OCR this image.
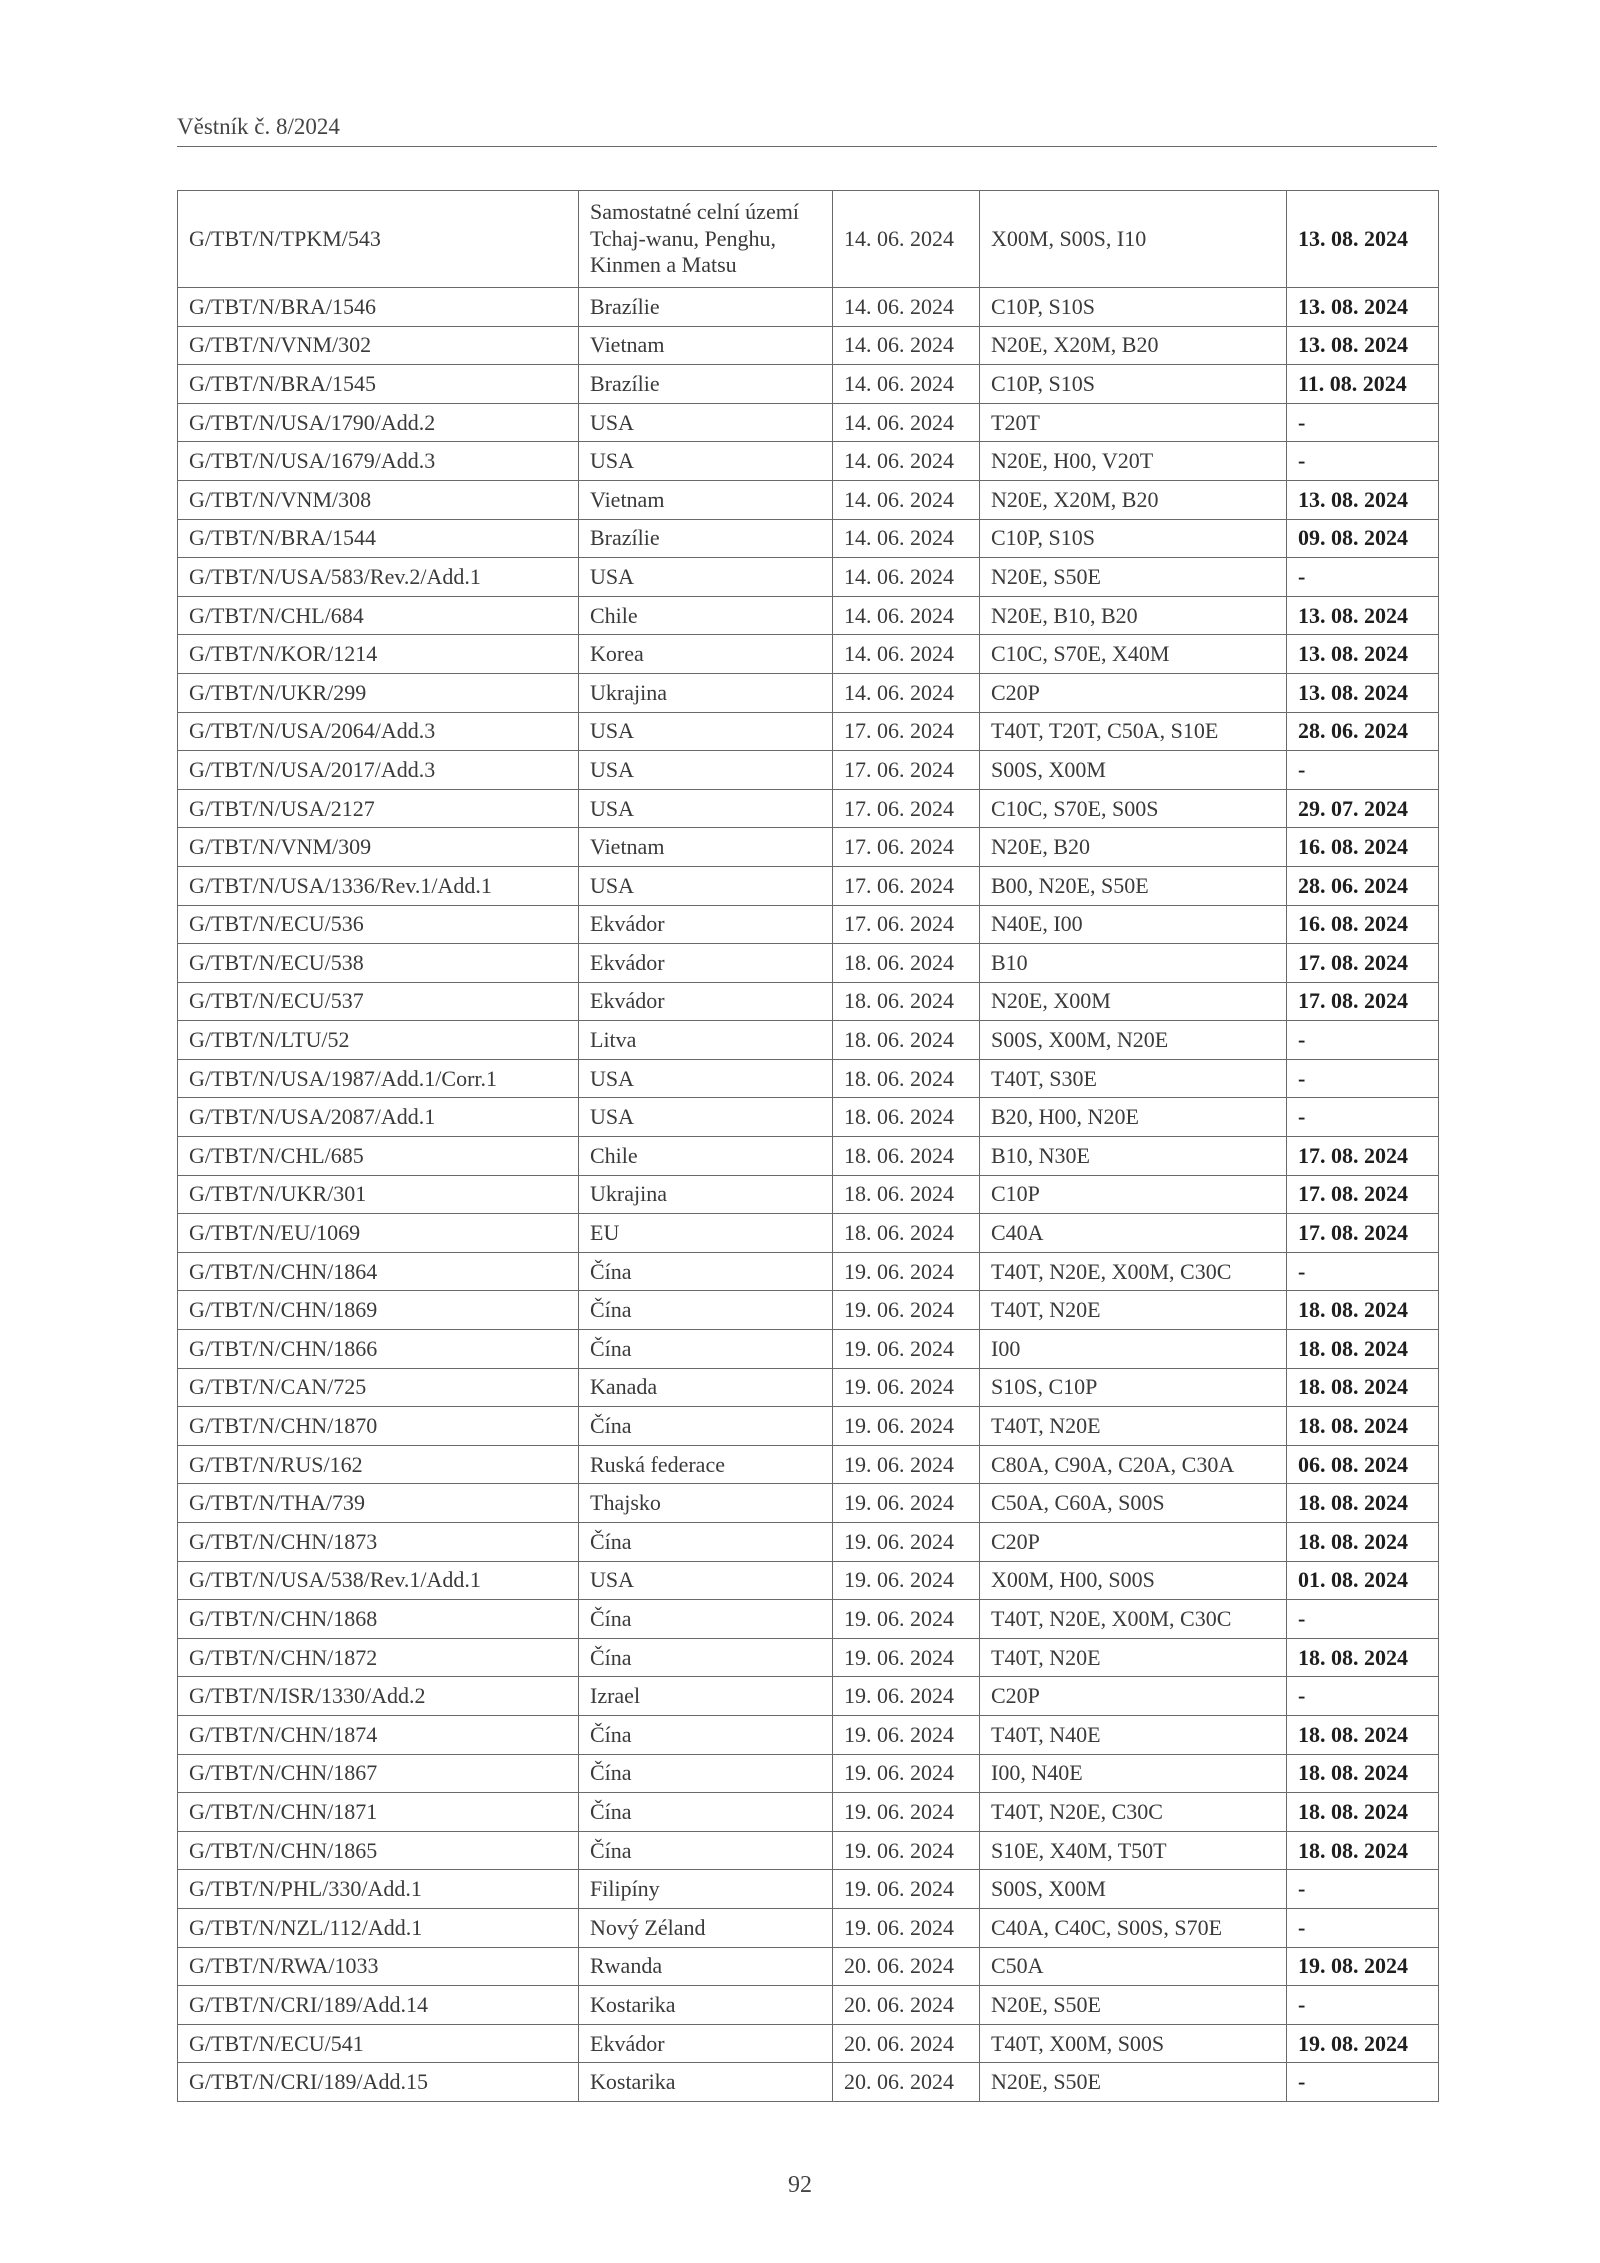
Věstník č. 8/2024
G/TBT/N/TPKM/543	Samostatné celní území Tchaj-wanu, Penghu, Kinmen a Matsu	14. 06. 2024	X00M, S00S, I10	13. 08. 2024
G/TBT/N/BRA/1546	Brazílie	14. 06. 2024	C10P, S10S	13. 08. 2024
G/TBT/N/VNM/302	Vietnam	14. 06. 2024	N20E, X20M, B20	13. 08. 2024
G/TBT/N/BRA/1545	Brazílie	14. 06. 2024	C10P, S10S	11. 08. 2024
G/TBT/N/USA/1790/Add.2	USA	14. 06. 2024	T20T	-
G/TBT/N/USA/1679/Add.3	USA	14. 06. 2024	N20E, H00, V20T	-
G/TBT/N/VNM/308	Vietnam	14. 06. 2024	N20E, X20M, B20	13. 08. 2024
G/TBT/N/BRA/1544	Brazílie	14. 06. 2024	C10P, S10S	09. 08. 2024
G/TBT/N/USA/583/Rev.2/Add.1	USA	14. 06. 2024	N20E, S50E	-
G/TBT/N/CHL/684	Chile	14. 06. 2024	N20E, B10, B20	13. 08. 2024
G/TBT/N/KOR/1214	Korea	14. 06. 2024	C10C, S70E, X40M	13. 08. 2024
G/TBT/N/UKR/299	Ukrajina	14. 06. 2024	C20P	13. 08. 2024
G/TBT/N/USA/2064/Add.3	USA	17. 06. 2024	T40T, T20T, C50A, S10E	28. 06. 2024
G/TBT/N/USA/2017/Add.3	USA	17. 06. 2024	S00S, X00M	-
G/TBT/N/USA/2127	USA	17. 06. 2024	C10C, S70E, S00S	29. 07. 2024
G/TBT/N/VNM/309	Vietnam	17. 06. 2024	N20E, B20	16. 08. 2024
G/TBT/N/USA/1336/Rev.1/Add.1	USA	17. 06. 2024	B00, N20E, S50E	28. 06. 2024
G/TBT/N/ECU/536	Ekvádor	17. 06. 2024	N40E, I00	16. 08. 2024
G/TBT/N/ECU/538	Ekvádor	18. 06. 2024	B10	17. 08. 2024
G/TBT/N/ECU/537	Ekvádor	18. 06. 2024	N20E, X00M	17. 08. 2024
G/TBT/N/LTU/52	Litva	18. 06. 2024	S00S, X00M, N20E	-
G/TBT/N/USA/1987/Add.1/Corr.1	USA	18. 06. 2024	T40T, S30E	-
G/TBT/N/USA/2087/Add.1	USA	18. 06. 2024	B20, H00, N20E	-
G/TBT/N/CHL/685	Chile	18. 06. 2024	B10, N30E	17. 08. 2024
G/TBT/N/UKR/301	Ukrajina	18. 06. 2024	C10P	17. 08. 2024
G/TBT/N/EU/1069	EU	18. 06. 2024	C40A	17. 08. 2024
G/TBT/N/CHN/1864	Čína	19. 06. 2024	T40T, N20E, X00M, C30C	-
G/TBT/N/CHN/1869	Čína	19. 06. 2024	T40T, N20E	18. 08. 2024
G/TBT/N/CHN/1866	Čína	19. 06. 2024	I00	18. 08. 2024
G/TBT/N/CAN/725	Kanada	19. 06. 2024	S10S, C10P	18. 08. 2024
G/TBT/N/CHN/1870	Čína	19. 06. 2024	T40T, N20E	18. 08. 2024
G/TBT/N/RUS/162	Ruská federace	19. 06. 2024	C80A, C90A, C20A, C30A	06. 08. 2024
G/TBT/N/THA/739	Thajsko	19. 06. 2024	C50A, C60A, S00S	18. 08. 2024
G/TBT/N/CHN/1873	Čína	19. 06. 2024	C20P	18. 08. 2024
G/TBT/N/USA/538/Rev.1/Add.1	USA	19. 06. 2024	X00M, H00, S00S	01. 08. 2024
G/TBT/N/CHN/1868	Čína	19. 06. 2024	T40T, N20E, X00M, C30C	-
G/TBT/N/CHN/1872	Čína	19. 06. 2024	T40T, N20E	18. 08. 2024
G/TBT/N/ISR/1330/Add.2	Izrael	19. 06. 2024	C20P	-
G/TBT/N/CHN/1874	Čína	19. 06. 2024	T40T, N40E	18. 08. 2024
G/TBT/N/CHN/1867	Čína	19. 06. 2024	I00, N40E	18. 08. 2024
G/TBT/N/CHN/1871	Čína	19. 06. 2024	T40T, N20E, C30C	18. 08. 2024
G/TBT/N/CHN/1865	Čína	19. 06. 2024	S10E, X40M, T50T	18. 08. 2024
G/TBT/N/PHL/330/Add.1	Filipíny	19. 06. 2024	S00S, X00M	-
G/TBT/N/NZL/112/Add.1	Nový Zéland	19. 06. 2024	C40A, C40C, S00S, S70E	-
G/TBT/N/RWA/1033	Rwanda	20. 06. 2024	C50A	19. 08. 2024
G/TBT/N/CRI/189/Add.14	Kostarika	20. 06. 2024	N20E, S50E	-
G/TBT/N/ECU/541	Ekvádor	20. 06. 2024	T40T, X00M, S00S	19. 08. 2024
G/TBT/N/CRI/189/Add.15	Kostarika	20. 06. 2024	N20E, S50E	-
92
